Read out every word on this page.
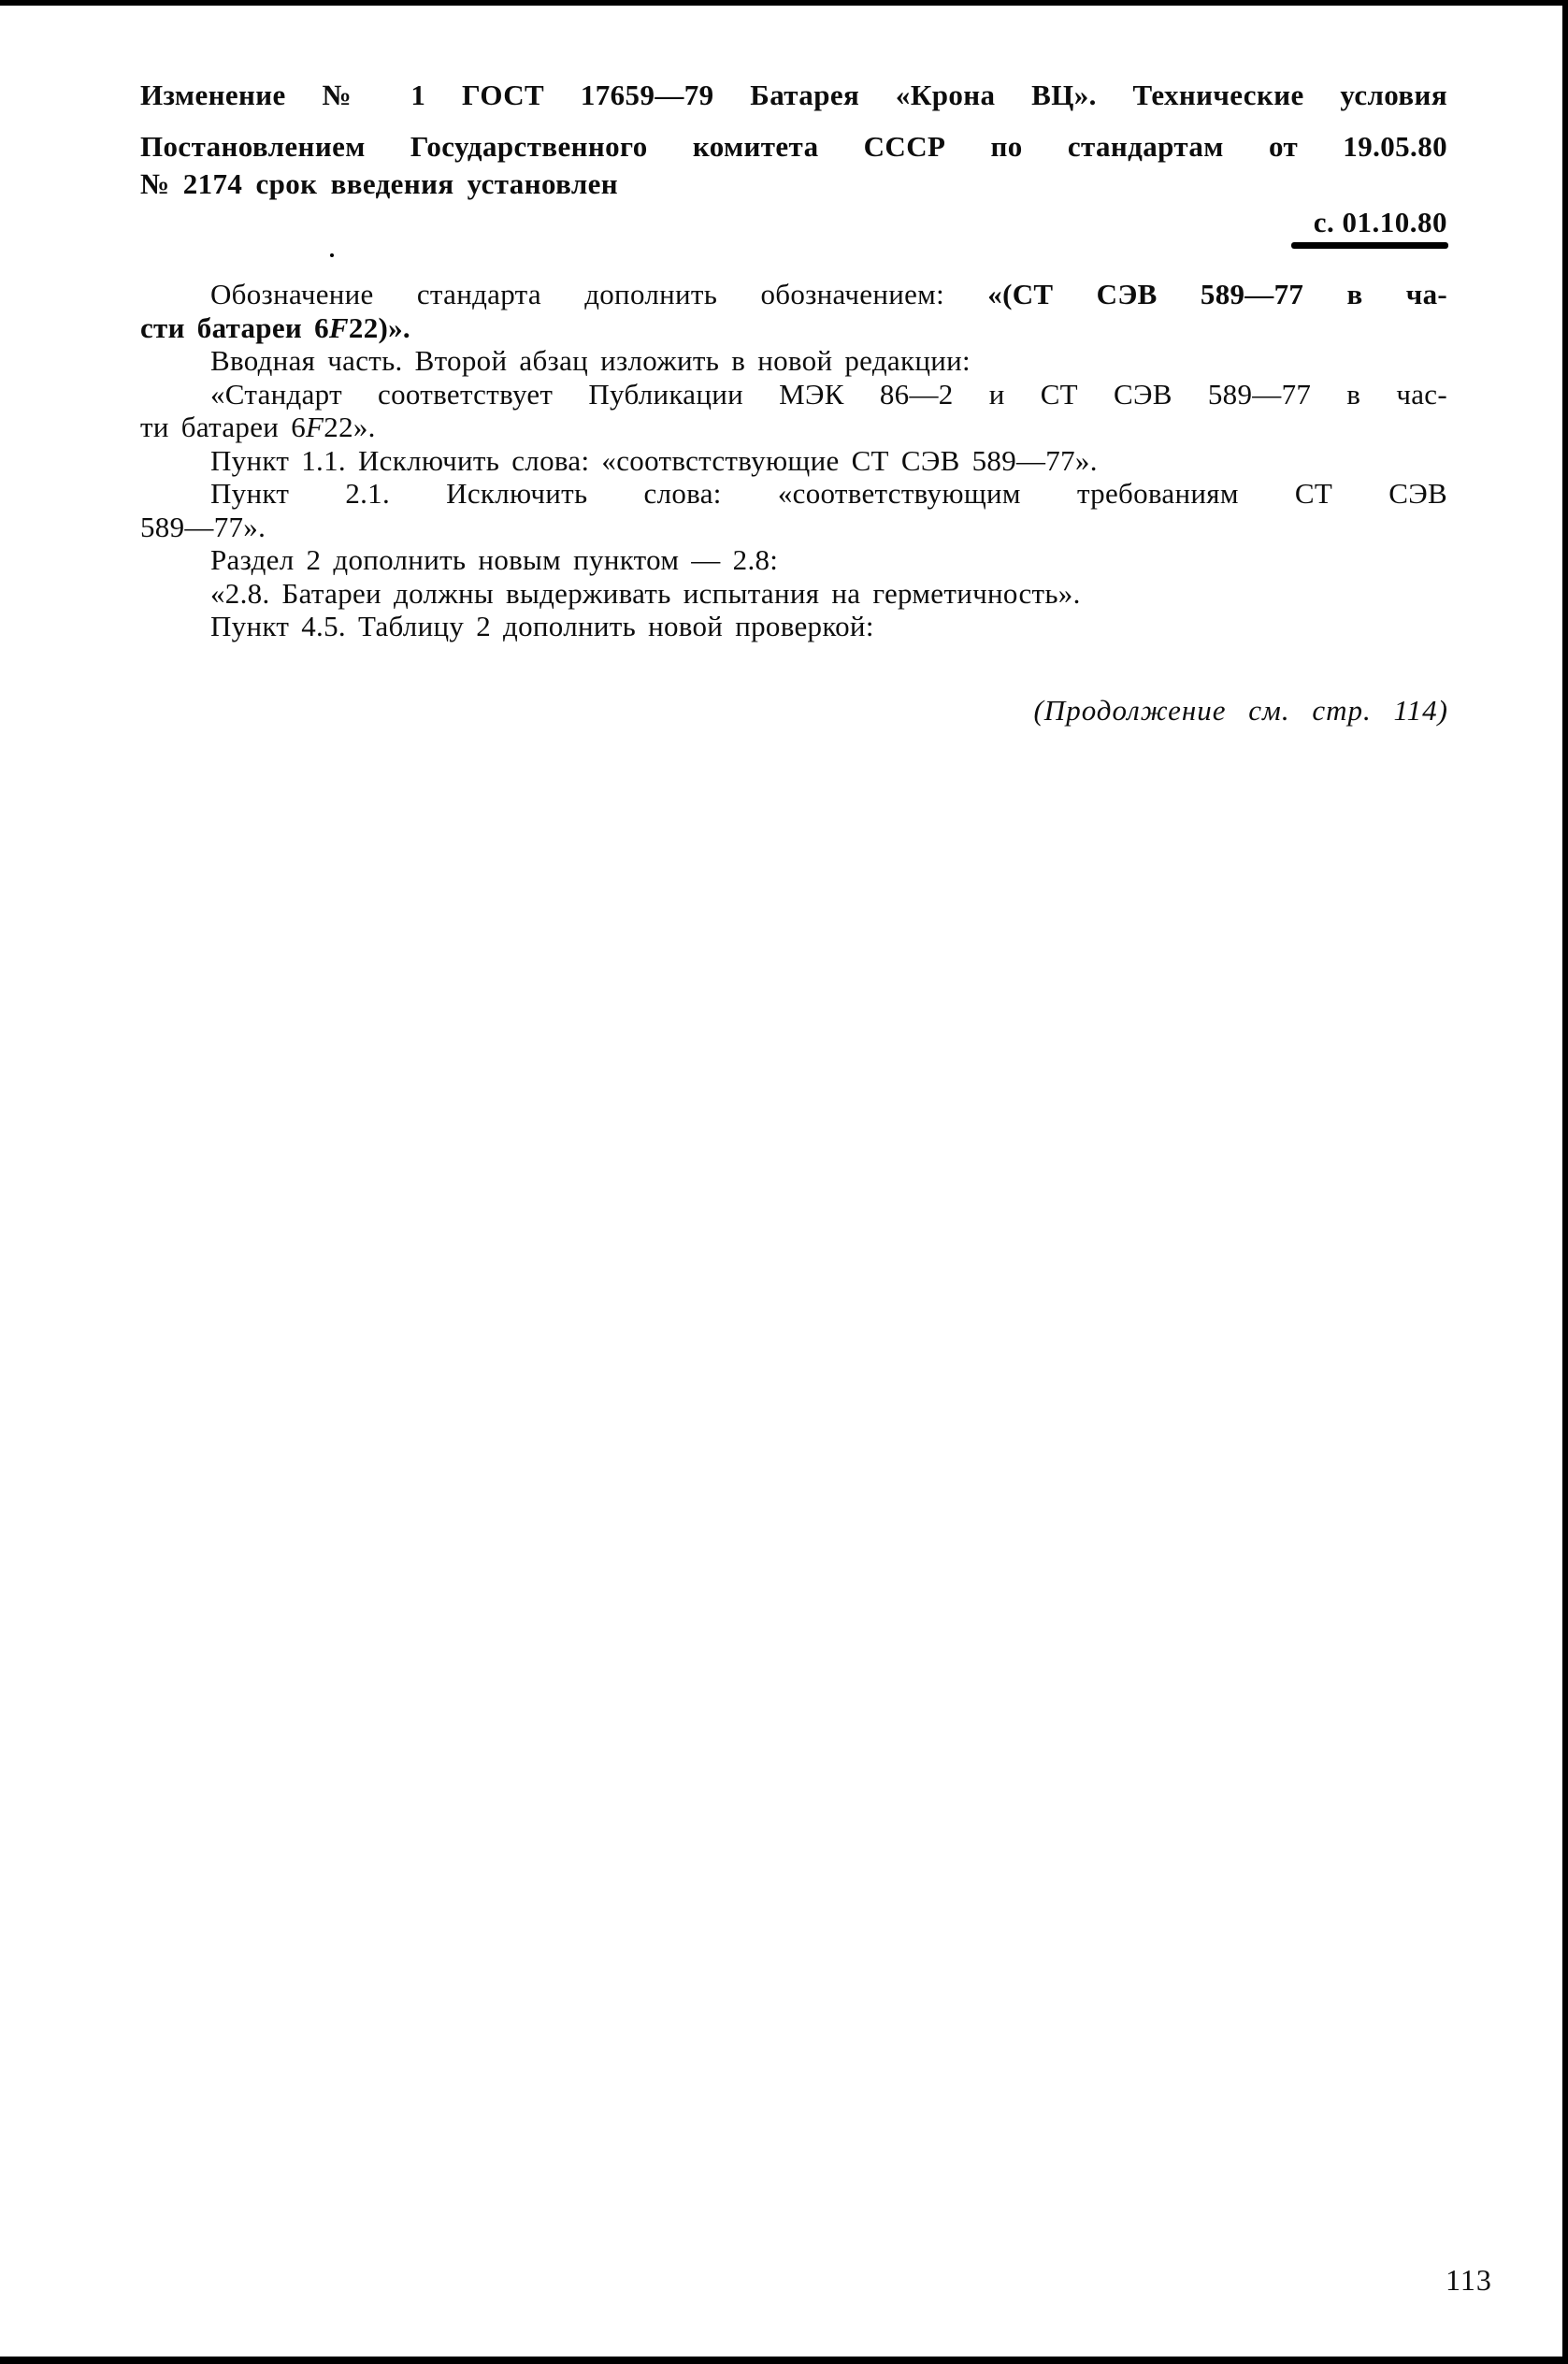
Изменение № 1 ГОСТ 17659—79 Батарея «Крона ВЦ». Технические условия
Постановлением Государственного комитета СССР по стандартам от 19.05.80
№ 2174 срок введения установлен
с. 01.10.80
Обозначение стандарта дополнить обозначением: «(СТ СЭВ 589—77 в ча-
сти батареи 6F22)».
Вводная часть. Второй абзац изложить в новой редакции:
«Стандарт соответствует Публикации МЭК 86—2 и СТ СЭВ 589—77 в час-
ти батареи 6F22».
Пункт 1.1. Исключить слова: «соотвстствующие СТ СЭВ 589—77».
Пункт 2.1. Исключить слова: «соответствующим требованиям СТ СЭВ
589—77».
Раздел 2 дополнить новым пунктом — 2.8:
«2.8. Батареи должны выдерживать испытания на герметичность».
Пункт 4.5. Таблицу 2 дополнить новой проверкой:
(Продолжение см. стр. 114)
113
